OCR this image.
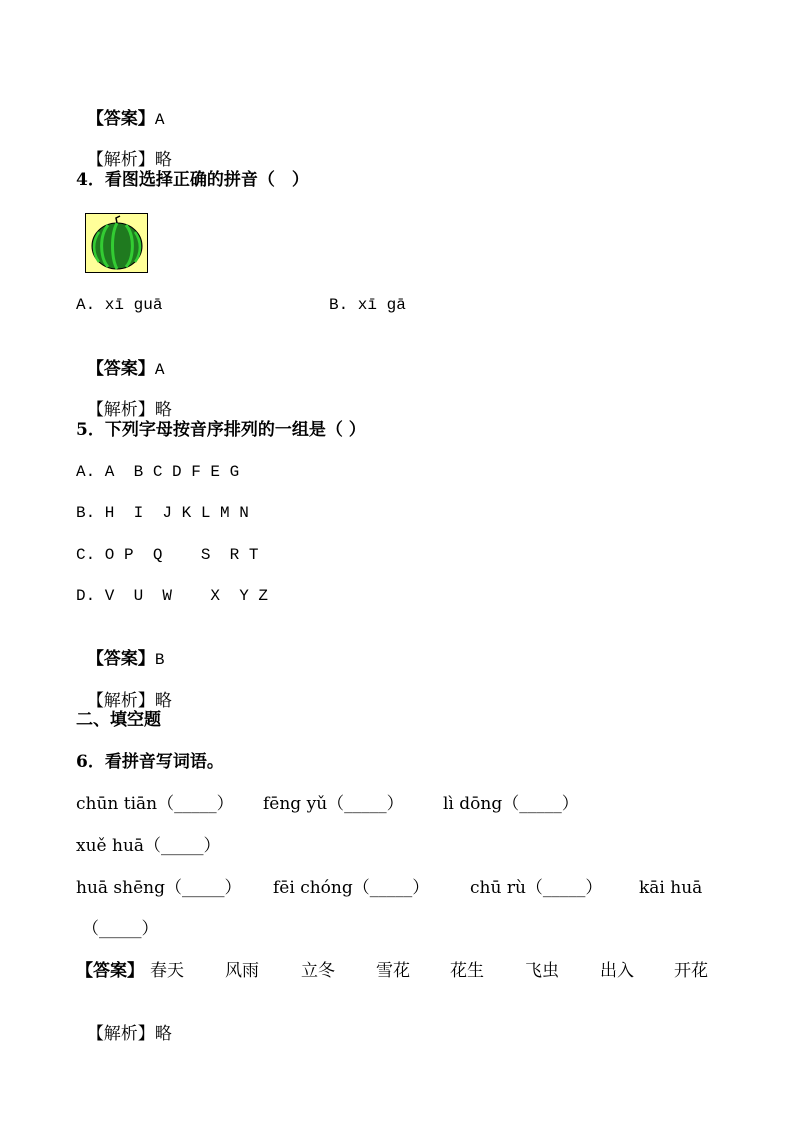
【答案】A

【解析】略

4．看图选择正确的拼音（　）
A. xī guā	B. xī gā

【答案】A

【解析】略

5．下列字母按音序排列的一组是（ ）
A. A  B C D F E G
B. H  I  J K L M N
C. O P  Q    S  R T
D. V  U  W    X  Y Z

【答案】B

【解析】略

二、填空题
6．看拼音写词语。
chūn tiān（_____） fēng yǔ（_____） lì dōng（_____）
xuě huā（_____）
huā shēng（_____） fēi chóng（_____） chū rù（_____） kāi huā
（_____）
【答案】 春天 风雨 立冬 雪花 花生 飞虫 出入 开花

【解析】略
